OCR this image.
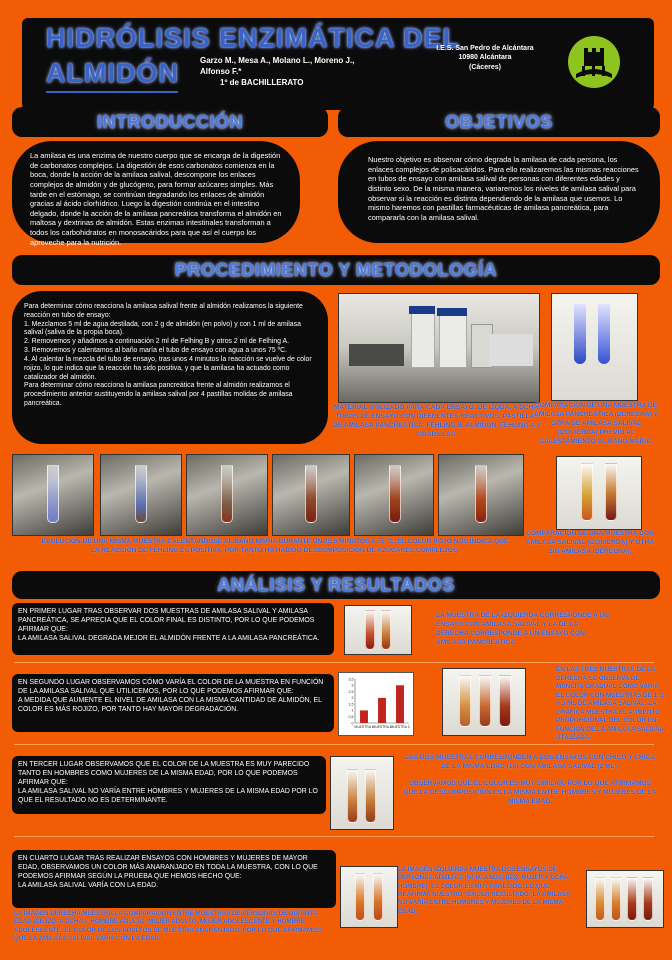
HIDRÓLISIS ENZIMÁTICA DEL
ALMIDÓN	Garzo M., Mesa A., Molano L., Moreno J.,
Alfonso F.*
1º de BACHILLERATO
I.E.S. San Pedro de Alcántara
10980 Alcántara
(Cáceres)
INTRODUCCIÓN	OBJETIVOS
La amilasa es una enzima de nuestro cuerpo que se encarga de la digestión de carbonatos complejos. La digestión de esos carbonatos comienza en la boca, donde la acción de la amilasa salival, descompone los enlaces complejos de almidón y de glucógeno, para formar azúcares simples. Más tarde en el estómago, se continúan degradando los enlaces de almidón gracias al ácido clorhídrico. Luego la digestión continúa en el intestino delgado, donde la acción de la amilasa pancreática transforma el almidón en maltosa y dextrinas de almidón. Estas enzimas intestinales transforman a todos los carbohidratos en monosacáridos para que así el cuerpo los aproveche para la nutrición.
Nuestro objetivo es observar cómo degrada la amilasa de cada persona, los enlaces complejos de polisacáridos. Para ello realizaremos las mismas reacciones en tubos de ensayo con amilasa salival de personas con diferentes edades y distinto sexo. De la misma manera, variaremos los niveles de amilasa salival para observar si la reacción es distinta dependiendo de la amilasa que usemos. Lo mismo haremos con pastillas farmacéuticas de amilasa pancreática, para compararla con la amilasa salival.
PROCEDIMIENTO Y METODOLOGÍA
Para determinar cómo reacciona la amilasa salival frente al almidón realizamos la siguiente reacción en tubo de ensayo:
1. Mezclamos 5 ml de agua destilada, con 2 g de almidón (en polvo) y con 1 ml de amilasa salival (saliva de la propia boca).
2. Removemos y añadimos a continuación 2 ml de Felhing B y otros 2 ml de Felhing A.
3. Removemos y calentamos al baño maría el tubo de ensayo con agua a unos 75 ºC.
4. Al calentar la mezcla del tubo de ensayo, tras unos 4 minutos la reacción se vuelve de color rojizo, lo que indica que la reacción ha sido positiva, y que la amilasa ha actuado como catalizador del almidón.
Para determinar cómo reacciona la amilasa pancreática frente al almidón realizamos el procedimiento anterior sustituyendo la amilasa salival por 4 pastillas molidas de amilasa pancreática.
MATERIAL UTILIZADO PARA CADA ENSAYO: DE IZQDA. A DCHA. TUBOS DE ENSAYO CON DIFERENTES REACTIVOS, PASTILLAS DE AMILASA PANCREÁTICA, FEHLING B, ALMIDÓN, FEHLING A Y GRADILLAS.
COMPARACIÓN DE UNA MUESTRA DE AMILASA PANCREÁTICA (DERECHA) Y OTRA DE AMILASA SALIVAL (IZQUIERDA) PREVIO AL CALENTAMIENTO AL BAÑO MARÍA.
EVOLUCIÓN DE UNA MISMA MUESTRA CALENTÁNDOSE AL BAÑO MARÍA DURANTE UNOS 5 MINUTOS A 75 ºC. EL COLOR ROJO NOS INDICA QUE LA REACCIÓN DE FEHLING ES POSITIVA, POR TANTO HA HABIDO DESCOMPOSICIÓN DE AZÚCARES COMPLEJOS.
COMPARACIÓN DE UNA MUESTRA CON AMILASA SALIVAL (IZQUIERDA) Y OTRA SIN AMILASA (DERECHA).
ANÁLISIS Y RESULTADOS
EN PRIMER LUGAR TRAS OBSERVAR DOS MUESTRAS DE AMILASA SALIVAL Y AMILASA PANCREÁTICA, SE APRECIA QUE EL COLOR FINAL ES DISTINTO, POR LO QUE PODEMOS AFIRMAR QUE:
LA AMILASA SALIVAL DEGRADA MEJOR EL ALMIDÓN FRENTE A LA AMILASA PANCREÁTICA.
LA MUESTRA DE LA IZQUIERDA CORRESPONDE A UN ENSAYO CON AMILASA SALIVAL Y LA DE LA DERECHA CORRESPONDE A UN ENSAYO CON AMILASA PANCREÁTICA.
EN SEGUNDO LUGAR OBSERVAMOS CÓMO VARÍA EL COLOR DE LA MUESTRA EN FUNCIÓN DE LA AMILASA SALIVAL QUE UTILICEMOS, POR LO QUE PODEMOS AFIRMAR QUE:
A MEDIDA QUE AUMENTE EL NIVEL DE AMILASA CON LA MISMA CANTIDAD DE ALMIDÓN, EL COLOR ES MÁS ROJIZO, POR TANTO HAY MAYOR DEGRADACIÓN.
0
0,5
1
1,5
2
2,5
3
3,5
MUESTRA 1
MUESTRA 2
MUESTRA 3
EN LAS TRES MUESTRAS DE LA DERECHA SE OBSERVA DE MANERA GRADUAL CÓMO VARÍA EL COLOR CON MUESTRAS DE 1, 2 Y 3 ML DE AMILASA SALIVAL. LA GRÁFICA MUESTRA EL AUMENTO PROPORCIONAL DEL COLOR EN FUNCIÓN DE LA AMILASA SALIVAL UTILIZADA.
EN TERCER LUGAR OBSERVAMOS QUE EL COLOR DE LA MUESTRA ES MUY PARECIDO TANTO EN HOMBRES COMO MUJERES DE LA MISMA EDAD, POR LO QUE PODEMOS AFIRMAR QUE:
LA AMILASA SALIVAL NO VARÍA ENTRE HOMBRES Y MUJERES DE LA MISMA EDAD POR LO QUE EL RESULTADO NO ES DETERMINANTE.
LAS DOS MUESTRAS CORRESPONDEN A DOS ENSAYOS CON CHICO Y CHICA DE LA MISMA EDAD (16) CON AMILASA SALIVAL (2 ML).
OBSERVAMOS QUE EL COLOR ES MUY SIMILAR, POR LO QUE AFIRMAMOS QUE LA DESCOMPOSICIÓN ES LA MISMA ENTRE HOMBRES Y MUJERES DE LA MISMA EDAD.
EN CUARTO LUGAR TRAS REALIZAR ENSAYOS CON HOMBRES Y MUJERES DE MAYOR EDAD, OBSERVAMOS UN COLOR MÁS ANARANJADO EN TODA LA MUESTRA, CON LO QUE PODEMOS AFIRMAR SEGÚN LA PRUEBA QUE HEMOS HECHO QUE:
LA AMILASA SALIVAL VARÍA CON LA EDAD.
LA IMAGEN IZQUIERDA MUESTRA DOS ENSAYOS DE PERSONAS ADULTAS (50-60 AÑOS) (IZQ. MUJER Y DCHA. HOMBRE). EL COLOR ES MUY PARECIDO, LO QUE REAFIRMA NUESTRO TERCER RESULTADO: LA AMILASA NO VARÍA ENTRE HOMBRES Y MUJERES DE LA MISMA EDAD.
LA IMAGEN DERECHA MUESTRA LA COMPARACIÓN ENTRE MUESTRAS DE PERSONAS DE DISTINTA EDAD (DE IZQ. A DCHA.): HOMBRE ADULTO, MUJER ADULTO, MUJER ADOLESCENTE Y HOMBRE ADOLESCENTE. EL COLOR DE LOS ADULTOS SE MUESTRA ANARANJADO, POR LO QUE AFIRMAMOS QUE LA AMILASA SALIVAL VARÍA CON LA EDAD.
